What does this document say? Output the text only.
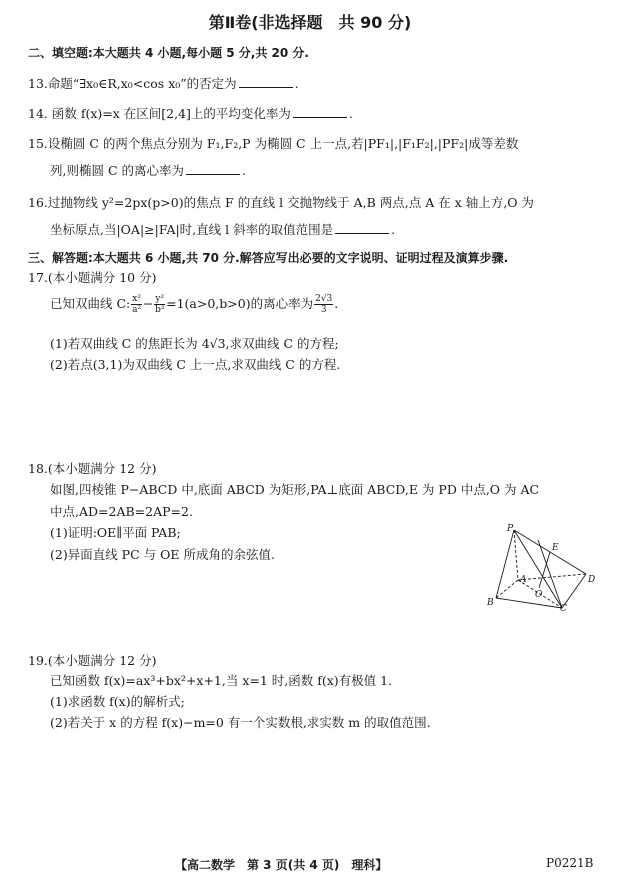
第Ⅱ卷(非选择题　共 90 分)
二、填空题:本大题共 4 小题,每小题 5 分,共 20 分.
13.命题“∃x₀∈R,x₀<cos x₀”的否定为	.
14. 函数 f(x)=x 在区间[2,4]上的平均变化率为	.
15.设椭圆 C 的两个焦点分别为 F₁,F₂,P 为椭圆 C 上一点,若|PF₁|,|F₁F₂|,|PF₂|成等差数
列,则椭圆 C 的离心率为	.
16.过抛物线 y²=2px(p>0)的焦点 F 的直线 l 交抛物线于 A,B 两点,点 A 在 x 轴上方,O 为
坐标原点,当|OA|≥|FA|时,直线 l 斜率的取值范围是	.
三、解答题:本大题共 6 小题,共 70 分.解答应写出必要的文字说明、证明过程及演算步骤.
17.(本小题满分 10 分)
已知双曲线 C: $\frac{\text{x²}}{\text{a²}} - \frac{\text{y²}}{\text{b²}} =1(a>0,b>0)$的离心率为 $\frac{2√3}{3}$ .
(1)若双曲线 C 的焦距长为 4√3,求双曲线 C 的方程;
(2)若点(3,1)为双曲线 C 上一点,求双曲线 C 的方程.
18.(本小题满分 12 分)
如图,四棱锥 P−ABCD 中,底面 ABCD 为矩形,PA⊥底面 ABCD,E 为 PD 中点,O 为 AC
中点,AD=2AB=2AP=2.
(1)证明:OE∥平面 PAB;
(2)异面直线 PC 与 OE 所成角的余弦值.
P
E
A	D
O
B
C
19.(本小题满分 12 分)
已知函数 f(x)=ax³+bx²+x+1,当 x=1 时,函数 f(x)有极值 1.
(1)求函数 f(x)的解析式;
(2)若关于 x 的方程 f(x)−m=0 有一个实数根,求实数 m 的取值范围.
【高二数学　第 3 页(共 4 页)　理科】	P0221B
